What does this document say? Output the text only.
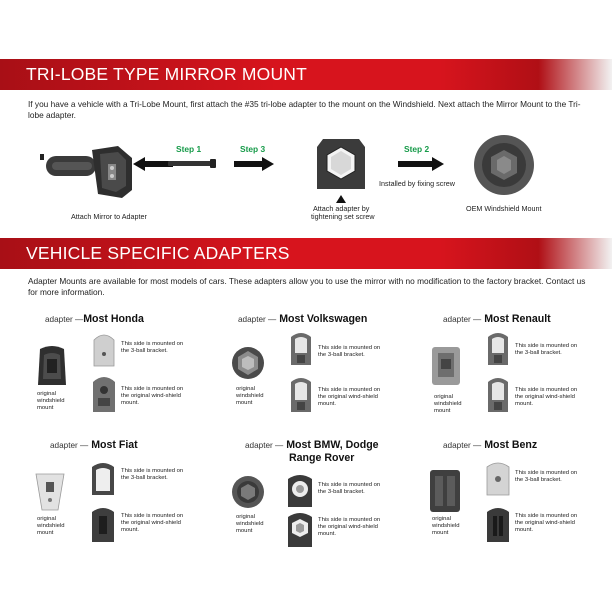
TRI-LOBE TYPE MIRROR MOUNT
If you have a vehicle with a Tri-Lobe Mount, first attach the #35 tri-lobe adapter to the mount on the Windshield. Next attach the Mirror Mount to the Tri-lobe adapter.
Attach Mirror to Adapter
Step 1	Step 3
Attach adapter by
tightening set screw
Step 2
Installed by fixing screw
OEM Windshield Mount
VEHICLE SPECIFIC ADAPTERS
Adapter Mounts are available for most models of cars. These adapters allow you to use the mirror with no modification to the factory bracket. Contact us for more information.
adapter —Most Honda
original windshield mount
This side is mounted on the 3-ball bracket.
This side is mounted on the original wind-shield mount.
adapter — Most Volkswagen
original windshield mount
This side is mounted on the 3-ball bracket.
This side is mounted on the original wind-shield mount.
adapter — Most Renault
original windshield mount
This side is mounted on the 3-ball bracket.
This side is mounted on the original wind-shield mount.
adapter — Most Fiat
original windshield mount
This side is mounted on the 3-ball bracket.
This side is mounted on the original wind-shield mount.
adapter — Most BMW, Dodge
Range Rover
original windshield mount
This side is mounted on the 3-ball bracket.
This side is mounted on the original wind-shield mount.
adapter — Most Benz
original windshield mount
This side is mounted on the 3-ball bracket.
This side is mounted on the original wind-shield mount.
